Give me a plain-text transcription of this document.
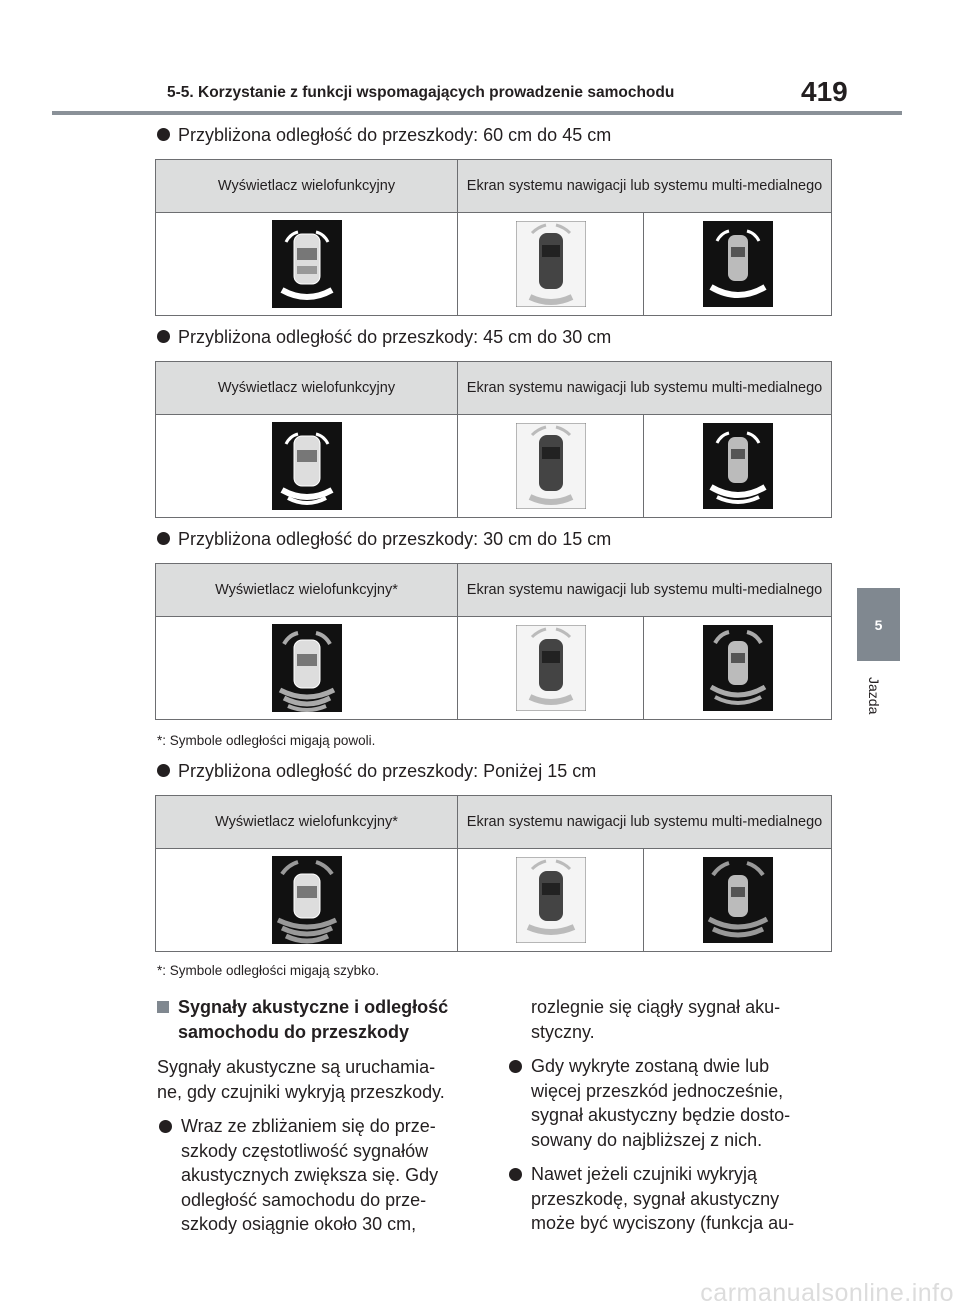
5-5. Korzystanie z funkcji wspomagających prowadzenie samochodu	419
5
Jazda
Przybliżona odległość do przeszkody: 60 cm do 45 cm
Wyświetlacz wielofunkcyjny	Ekran systemu nawigacji lub systemu multi-medialnego	

Przybliżona odległość do przeszkody: 45 cm do 30 cm
Wyświetlacz wielofunkcyjny	Ekran systemu nawigacji lub systemu multi-medialnego	

Przybliżona odległość do przeszkody: 30 cm do 15 cm
Wyświetlacz wielofunkcyjny*	Ekran systemu nawigacji lub systemu multi-medialnego	

*: Symbole odległości migają powoli.
Przybliżona odległość do przeszkody: Poniżej 15 cm
Wyświetlacz wielofunkcyjny*	Ekran systemu nawigacji lub systemu multi-medialnego	

*: Symbole odległości migają szybko.
Sygnały akustyczne i odległość
samochodu do przeszkody
Sygnały akustyczne są uruchamia-
ne, gdy czujniki wykryją przeszkody.
Wraz ze zbliżaniem się do prze-
szkody częstotliwość sygnałów
akustycznych zwiększa się. Gdy
odległość samochodu do prze-
szkody osiągnie około 30 cm,
rozlegnie się ciągły sygnał aku-
styczny.
Gdy wykryte zostaną dwie lub
więcej przeszkód jednocześnie,
sygnał akustyczny będzie dosto-
sowany do najbliższej z nich.
Nawet jeżeli czujniki wykryją
przeszkodę, sygnał akustyczny
może być wyciszony (funkcja au-
carmanualsonline.info
